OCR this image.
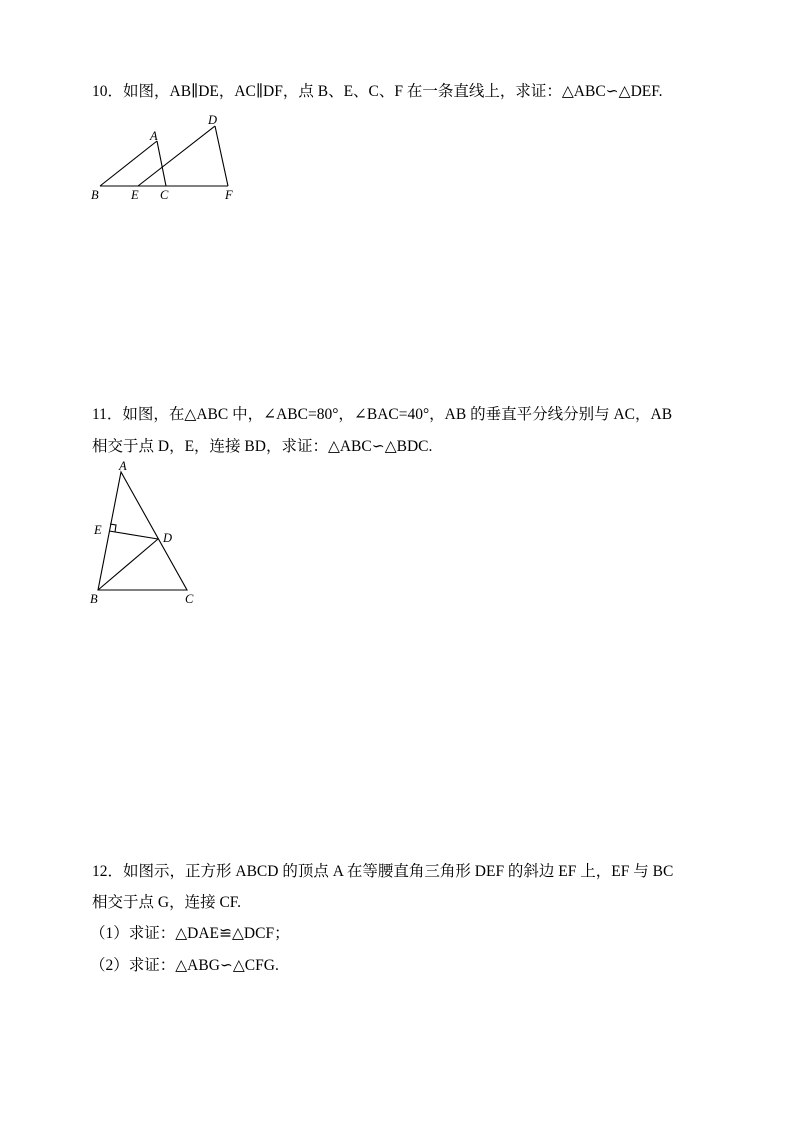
10．如图，AB∥DE，AC∥DF，点 B、E、C、F 在一条直线上，求证：△ABC∽△DEF.
A
B	C
D
E	F
11．如图，在△ABC 中，∠ABC=80°，∠BAC=40°，AB 的垂直平分线分别与 AC，AB
相交于点 D，E，连接 BD，求证：△ABC∽△BDC.
A
B	C
D
E
12．如图示，正方形 ABCD 的顶点 A 在等腰直角三角形 DEF 的斜边 EF 上，EF 与 BC
相交于点 G，连接 CF.
（1）求证：△DAE≌△DCF；
（2）求证：△ABG∽△CFG.
